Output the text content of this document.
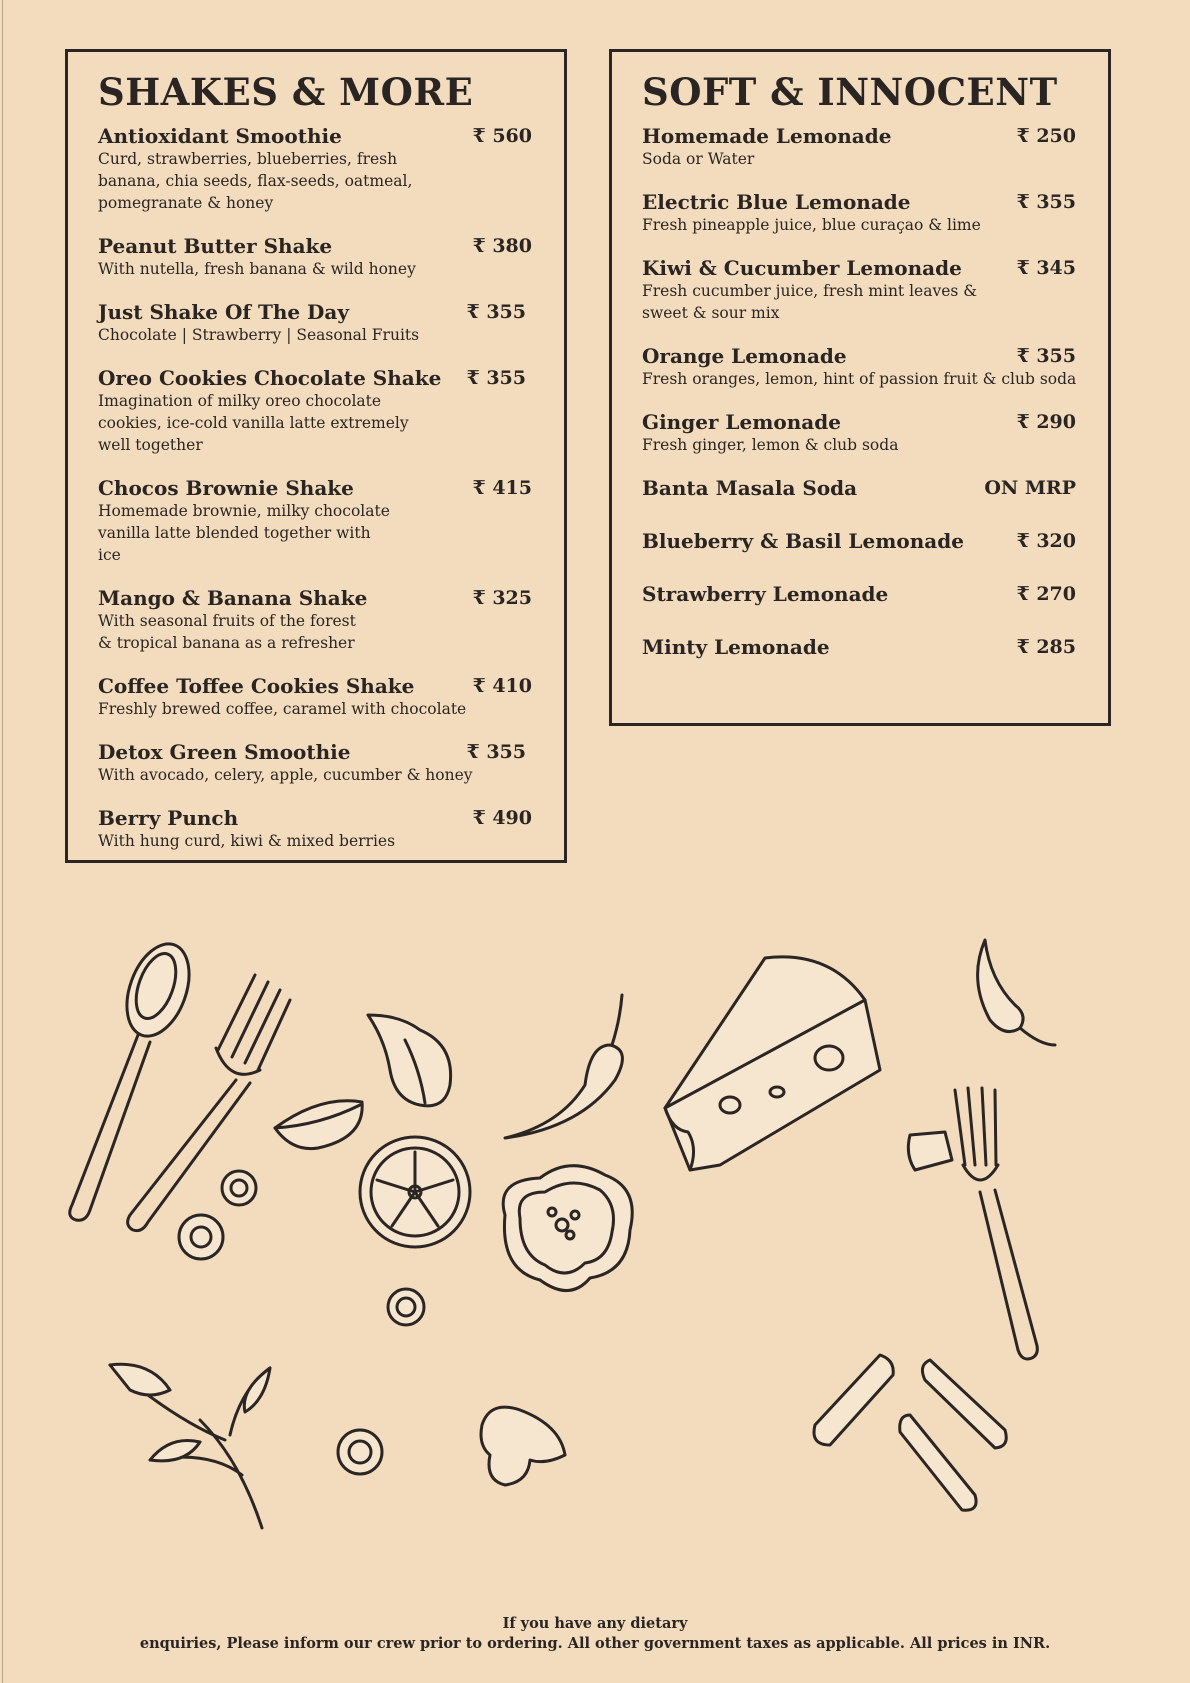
SHAKES & MORE
Antioxidant Smoothie	₹ 560
Curd, strawberries, blueberries, fresh banana, chia seeds, flax-seeds, oatmeal, pomegranate & honey
Peanut Butter Shake	₹ 380
With nutella, fresh banana & wild honey
Just Shake Of The Day	₹ 355
Chocolate | Strawberry | Seasonal Fruits
Oreo Cookies Chocolate Shake	₹ 355
Imagination of milky oreo chocolate cookies, ice-cold vanilla latte extremely well together
Chocos Brownie Shake	₹ 415
Homemade brownie, milky chocolate vanilla latte blended together with ice
Mango & Banana Shake	₹ 325
With seasonal fruits of the forest & tropical banana as a refresher
Coffee Toffee Cookies Shake	₹ 410
Freshly brewed coffee, caramel with chocolate
Detox Green Smoothie	₹ 355
With avocado, celery, apple, cucumber & honey
Berry Punch	₹ 490
With hung curd, kiwi & mixed berries
SOFT & INNOCENT
Homemade Lemonade	₹ 250
Soda or Water
Electric Blue Lemonade	₹ 355
Fresh pineapple juice, blue curaçao & lime
Kiwi & Cucumber Lemonade	₹ 345
Fresh cucumber juice, fresh mint leaves & sweet & sour mix
Orange Lemonade	₹ 355
Fresh oranges, lemon, hint of passion fruit & club soda
Ginger Lemonade	₹ 290
Fresh ginger, lemon & club soda
Banta Masala Soda	ON MRP
Blueberry & Basil Lemonade	₹ 320
Strawberry Lemonade	₹ 270
Minty Lemonade	₹ 285
If you have any dietary
enquiries, Please inform our crew prior to ordering. All other government taxes as applicable. All prices in INR.
